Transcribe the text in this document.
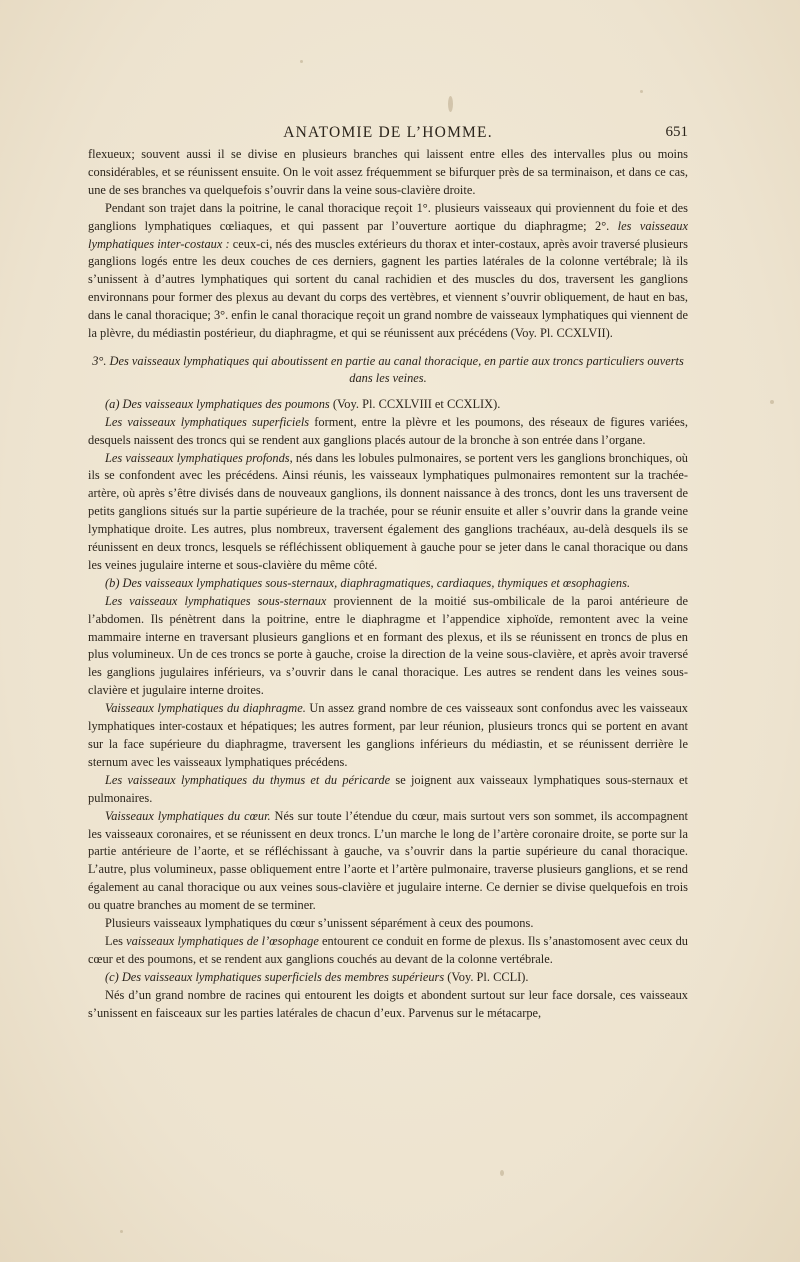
ANATOMIE DE L’HOMME.	651

flexueux; souvent aussi il se divise en plusieurs branches qui laissent entre elles des intervalles plus ou moins considérables, et se réunissent ensuite. On le voit assez fréquemment se bifurquer près de sa terminaison, et dans ce cas, une de ses branches va quelquefois s’ouvrir dans la veine sous-clavière droite.

Pendant son trajet dans la poitrine, le canal thoracique reçoit 1°. plusieurs vaisseaux qui proviennent du foie et des ganglions lymphatiques cœliaques, et qui passent par l’ouverture aortique du diaphragme; 2°. les vaisseaux lymphatiques inter-costaux : ceux-ci, nés des muscles extérieurs du thorax et inter-costaux, après avoir traversé plusieurs ganglions logés entre les deux couches de ces derniers, gagnent les parties latérales de la colonne vertébrale; là ils s’unissent à d’autres lymphatiques qui sortent du canal rachidien et des muscles du dos, traversent les ganglions environnans pour former des plexus au devant du corps des vertèbres, et viennent s’ouvrir obliquement, de haut en bas, dans le canal thoracique; 3°. enfin le canal thoracique reçoit un grand nombre de vaisseaux lymphatiques qui viennent de la plèvre, du médiastin postérieur, du diaphragme, et qui se réunissent aux précédens (Voy. Pl. CCXLVII).

3°. Des vaisseaux lymphatiques qui aboutissent en partie au canal thoracique, en partie aux troncs particuliers ouverts dans les veines.

(a) Des vaisseaux lymphatiques des poumons (Voy. Pl. CCXLVIII et CCXLIX).

Les vaisseaux lymphatiques superficiels forment, entre la plèvre et les poumons, des réseaux de figures variées, desquels naissent des troncs qui se rendent aux ganglions placés autour de la bronche à son entrée dans l’organe.

Les vaisseaux lymphatiques profonds, nés dans les lobules pulmonaires, se portent vers les ganglions bronchiques, où ils se confondent avec les précédens. Ainsi réunis, les vaisseaux lymphatiques pulmonaires remontent sur la trachée-artère, où après s’être divisés dans de nouveaux ganglions, ils donnent naissance à des troncs, dont les uns traversent de petits ganglions situés sur la partie supérieure de la trachée, pour se réunir ensuite et aller s’ouvrir dans la grande veine lymphatique droite. Les autres, plus nombreux, traversent également des ganglions trachéaux, au-delà desquels ils se réunissent en deux troncs, lesquels se réfléchissent obliquement à gauche pour se jeter dans le canal thoracique ou dans les veines jugulaire interne et sous-clavière du même côté.

(b) Des vaisseaux lymphatiques sous-sternaux, diaphragmatiques, cardiaques, thymiques et œsophagiens.

Les vaisseaux lymphatiques sous-sternaux proviennent de la moitié sus-ombilicale de la paroi antérieure de l’abdomen. Ils pénètrent dans la poitrine, entre le diaphragme et l’appendice xiphoïde, remontent avec la veine mammaire interne en traversant plusieurs ganglions et en formant des plexus, et ils se réunissent en troncs de plus en plus volumineux. Un de ces troncs se porte à gauche, croise la direction de la veine sous-clavière, et après avoir traversé les ganglions jugulaires inférieurs, va s’ouvrir dans le canal thoracique. Les autres se rendent dans les veines sous-clavière et jugulaire interne droites.

Vaisseaux lymphatiques du diaphragme. Un assez grand nombre de ces vaisseaux sont confondus avec les vaisseaux lymphatiques inter-costaux et hépatiques; les autres forment, par leur réunion, plusieurs troncs qui se portent en avant sur la face supérieure du diaphragme, traversent les ganglions inférieurs du médiastin, et se réunissent derrière le sternum avec les vaisseaux lymphatiques précédens.

Les vaisseaux lymphatiques du thymus et du péricarde se joignent aux vaisseaux lymphatiques sous-sternaux et pulmonaires.

Vaisseaux lymphatiques du cœur. Nés sur toute l’étendue du cœur, mais surtout vers son sommet, ils accompagnent les vaisseaux coronaires, et se réunissent en deux troncs. L’un marche le long de l’artère coronaire droite, se porte sur la partie antérieure de l’aorte, et se réfléchissant à gauche, va s’ouvrir dans la partie supérieure du canal thoracique. L’autre, plus volumineux, passe obliquement entre l’aorte et l’artère pulmonaire, traverse plusieurs ganglions, et se rend également au canal thoracique ou aux veines sous-clavière et jugulaire interne. Ce dernier se divise quelquefois en trois ou quatre branches au moment de se terminer.

Plusieurs vaisseaux lymphatiques du cœur s’unissent séparément à ceux des poumons.

Les vaisseaux lymphatiques de l’œsophage entourent ce conduit en forme de plexus. Ils s’anastomosent avec ceux du cœur et des poumons, et se rendent aux ganglions couchés au devant de la colonne vertébrale.

(c) Des vaisseaux lymphatiques superficiels des membres supérieurs (Voy. Pl. CCLI).

Nés d’un grand nombre de racines qui entourent les doigts et abondent surtout sur leur face dorsale, ces vaisseaux s’unissent en faisceaux sur les parties latérales de chacun d’eux. Parvenus sur le métacarpe,
